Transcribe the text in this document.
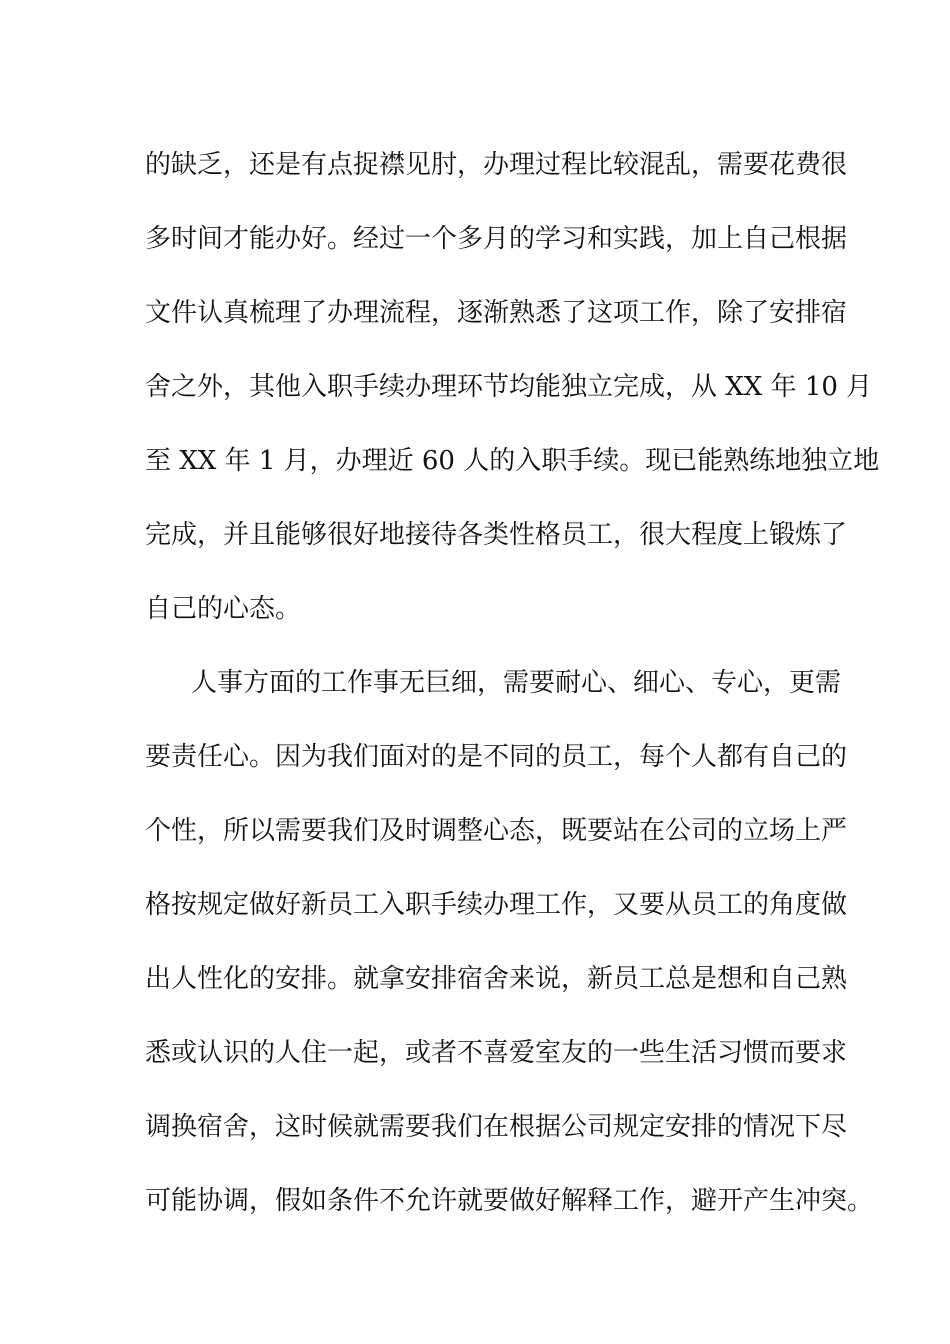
的缺乏，还是有点捉襟见肘，办理过程比较混乱，需要花费很
多时间才能办好。经过一个多月的学习和实践，加上自己根据
文件认真梳理了办理流程，逐渐熟悉了这项工作，除了安排宿
舍之外，其他入职手续办理环节均能独立完成，从 XX 年 10 月
至 XX 年 1 月，办理近 60 人的入职手续。现已能熟练地独立地
完成，并且能够很好地接待各类性格员工，很大程度上锻炼了
自己的心态。
人事方面的工作事无巨细，需要耐心、细心、专心，更需
要责任心。因为我们面对的是不同的员工，每个人都有自己的
个性，所以需要我们及时调整心态，既要站在公司的立场上严
格按规定做好新员工入职手续办理工作，又要从员工的角度做
出人性化的安排。就拿安排宿舍来说，新员工总是想和自己熟
悉或认识的人住一起，或者不喜爱室友的一些生活习惯而要求
调换宿舍，这时候就需要我们在根据公司规定安排的情况下尽
可能协调，假如条件不允许就要做好解释工作，避开产生冲突。
